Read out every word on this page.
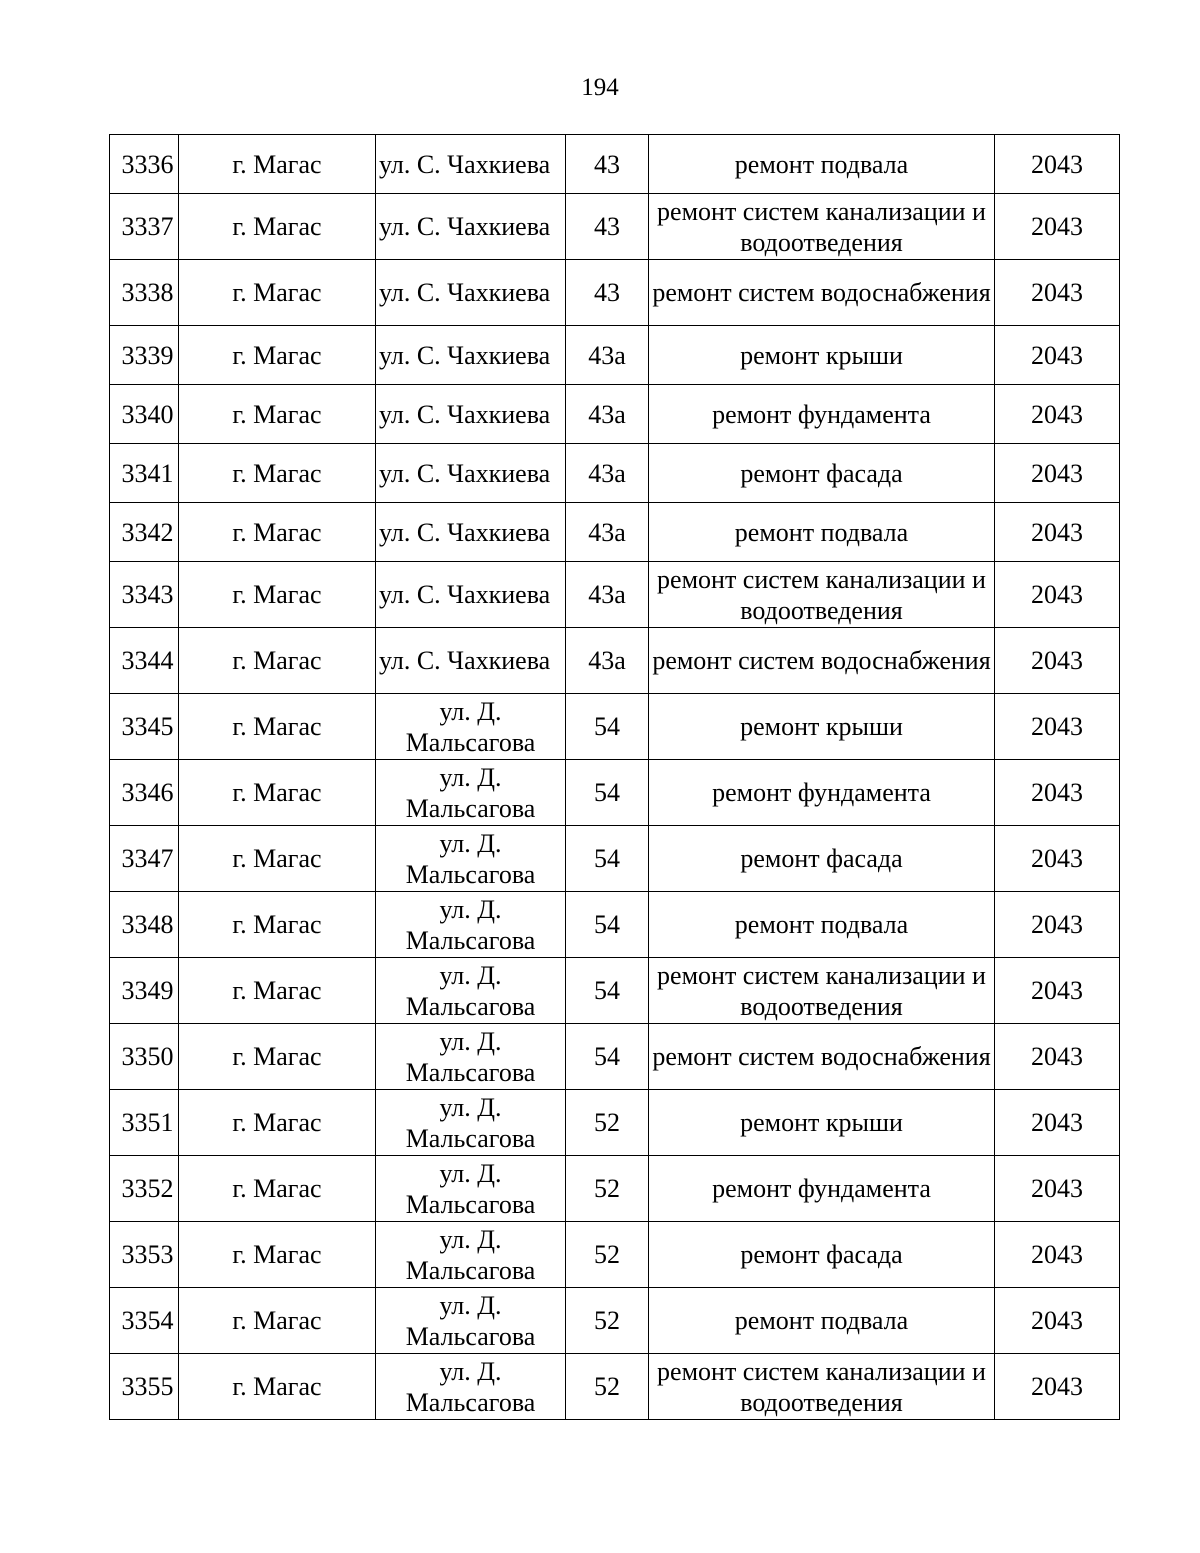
194
3336	г. Магас	ул. С. Чахкиева	43	ремонт подвала	2043
3337	г. Магас	ул. С. Чахкиева	43	ремонт систем канализации и водоотведения	2043
3338	г. Магас	ул. С. Чахкиева	43	ремонт систем водоснабжения	2043
3339	г. Магас	ул. С. Чахкиева	43а	ремонт крыши	2043
3340	г. Магас	ул. С. Чахкиева	43а	ремонт фундамента	2043
3341	г. Магас	ул. С. Чахкиева	43а	ремонт фасада	2043
3342	г. Магас	ул. С. Чахкиева	43а	ремонт подвала	2043
3343	г. Магас	ул. С. Чахкиева	43а	ремонт систем канализации и водоотведения	2043
3344	г. Магас	ул. С. Чахкиева	43а	ремонт систем водоснабжения	2043
3345	г. Магас	ул. Д. Мальсагова	54	ремонт крыши	2043
3346	г. Магас	ул. Д. Мальсагова	54	ремонт фундамента	2043
3347	г. Магас	ул. Д. Мальсагова	54	ремонт фасада	2043
3348	г. Магас	ул. Д. Мальсагова	54	ремонт подвала	2043
3349	г. Магас	ул. Д. Мальсагова	54	ремонт систем канализации и водоотведения	2043
3350	г. Магас	ул. Д. Мальсагова	54	ремонт систем водоснабжения	2043
3351	г. Магас	ул. Д. Мальсагова	52	ремонт крыши	2043
3352	г. Магас	ул. Д. Мальсагова	52	ремонт фундамента	2043
3353	г. Магас	ул. Д. Мальсагова	52	ремонт фасада	2043
3354	г. Магас	ул. Д. Мальсагова	52	ремонт подвала	2043
3355	г. Магас	ул. Д. Мальсагова	52	ремонт систем канализации и водоотведения	2043
